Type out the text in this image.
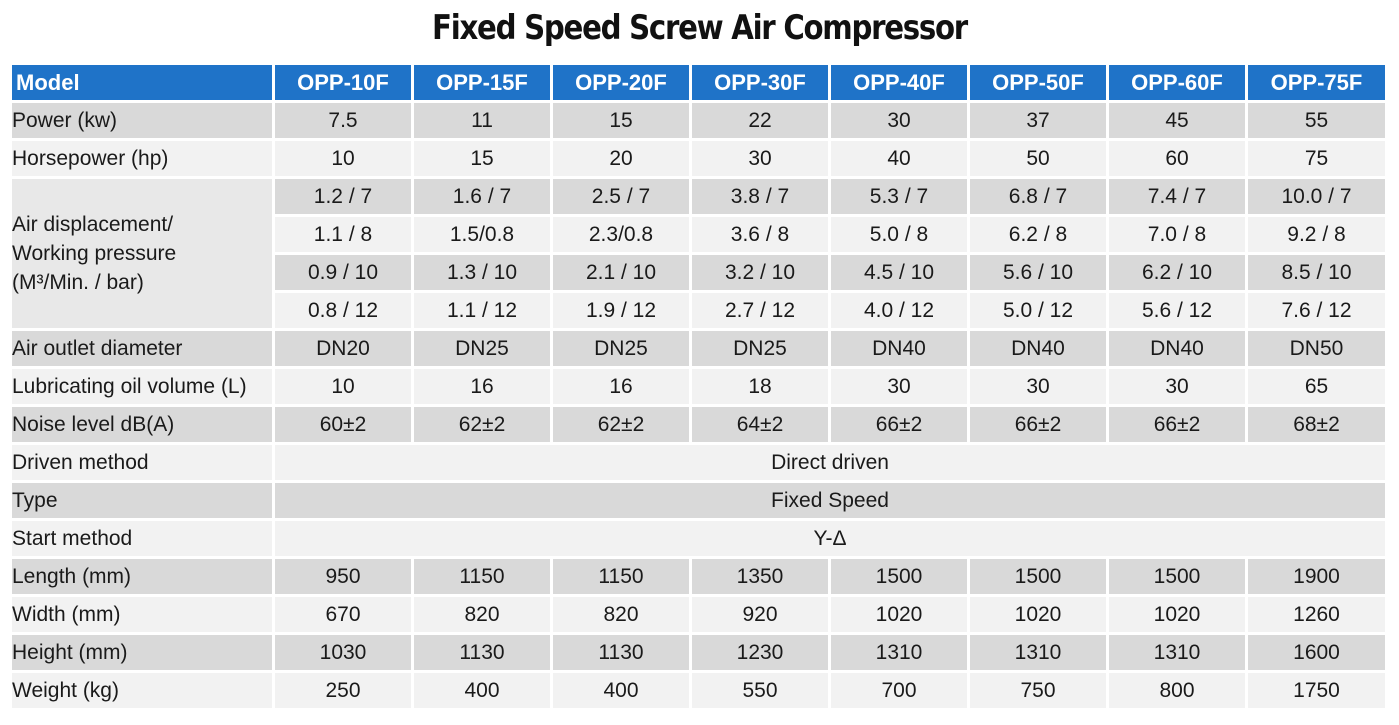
Fixed Speed Screw Air Compressor
Model	OPP-10F	OPP-15F	OPP-20F	OPP-30F	OPP-40F	OPP-50F	OPP-60F	OPP-75F
Power (kw)	7.5	11	15	22	30	37	45	55
Horsepower (hp)	10	15	20	30	40	50	60	75

Air displacement/
Working pressure
(M³/Min. / bar)	1.2 / 7	1.6 / 7	2.5 / 7	3.8 / 7	5.3 / 7	6.8 / 7	7.4 / 7	10.0 / 7
	1.1 / 8	1.5/0.8	2.3/0.8	3.6 / 8	5.0 / 8	6.2 / 8	7.0 / 8	9.2 / 8
	0.9 / 10	1.3 / 10	2.1 / 10	3.2 / 10	4.5 / 10	5.6 / 10	6.2 / 10	8.5 / 10
	0.8 / 12	1.1 / 12	1.9 / 12	2.7 / 12	4.0 / 12	5.0 / 12	5.6 / 12	7.6 / 12
Air outlet diameter	DN20	DN25	DN25	DN25	DN40	DN40	DN40	DN50
Lubricating oil volume (L)	10	16	16	18	30	30	30	65
Noise level dB(A)	60±2	62±2	62±2	64±2	66±2	66±2	66±2	68±2
Driven method	Direct driven							
Type	Fixed Speed							
Start method	Y-Δ							
Length (mm)	950	1150	1150	1350	1500	1500	1500	1900
Width (mm)	670	820	820	920	1020	1020	1020	1260
Height (mm)	1030	1130	1130	1230	1310	1310	1310	1600
Weight (kg)	250	400	400	550	700	750	800	1750
